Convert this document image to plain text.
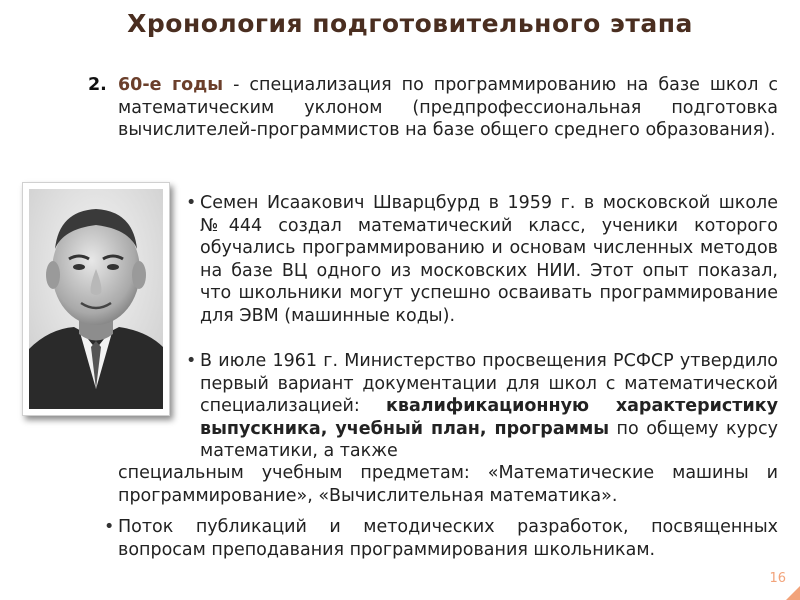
Хронология подготовительного этапа
2. 60-е годы - специализация по программированию на базе школ с математическим уклоном (предпрофессиональная подготовка вычислителей-программистов на базе общего среднего образования).
• Семен Исаакович Шварцбурд в 1959 г. в московской школе №444 создал математический класс, ученики которого обучались программированию и основам численных методов на базе ВЦ одного из московских НИИ. Этот опыт показал, что школьники могут успешно осваивать программирование для ЭВМ (машинные коды).
• В июле 1961 г. Министерство просвещения РСФСР утвердило первый вариант документации для школ с математической специализацией: квалификационную характеристику выпускника, учебный план, программы по общему курсу математики, а также
специальным учебным предметам: «Математические машины и программирование», «Вычислительная математика».
• Поток публикаций и методических разработок, посвященных вопросам преподавания программирования школьникам.
16
